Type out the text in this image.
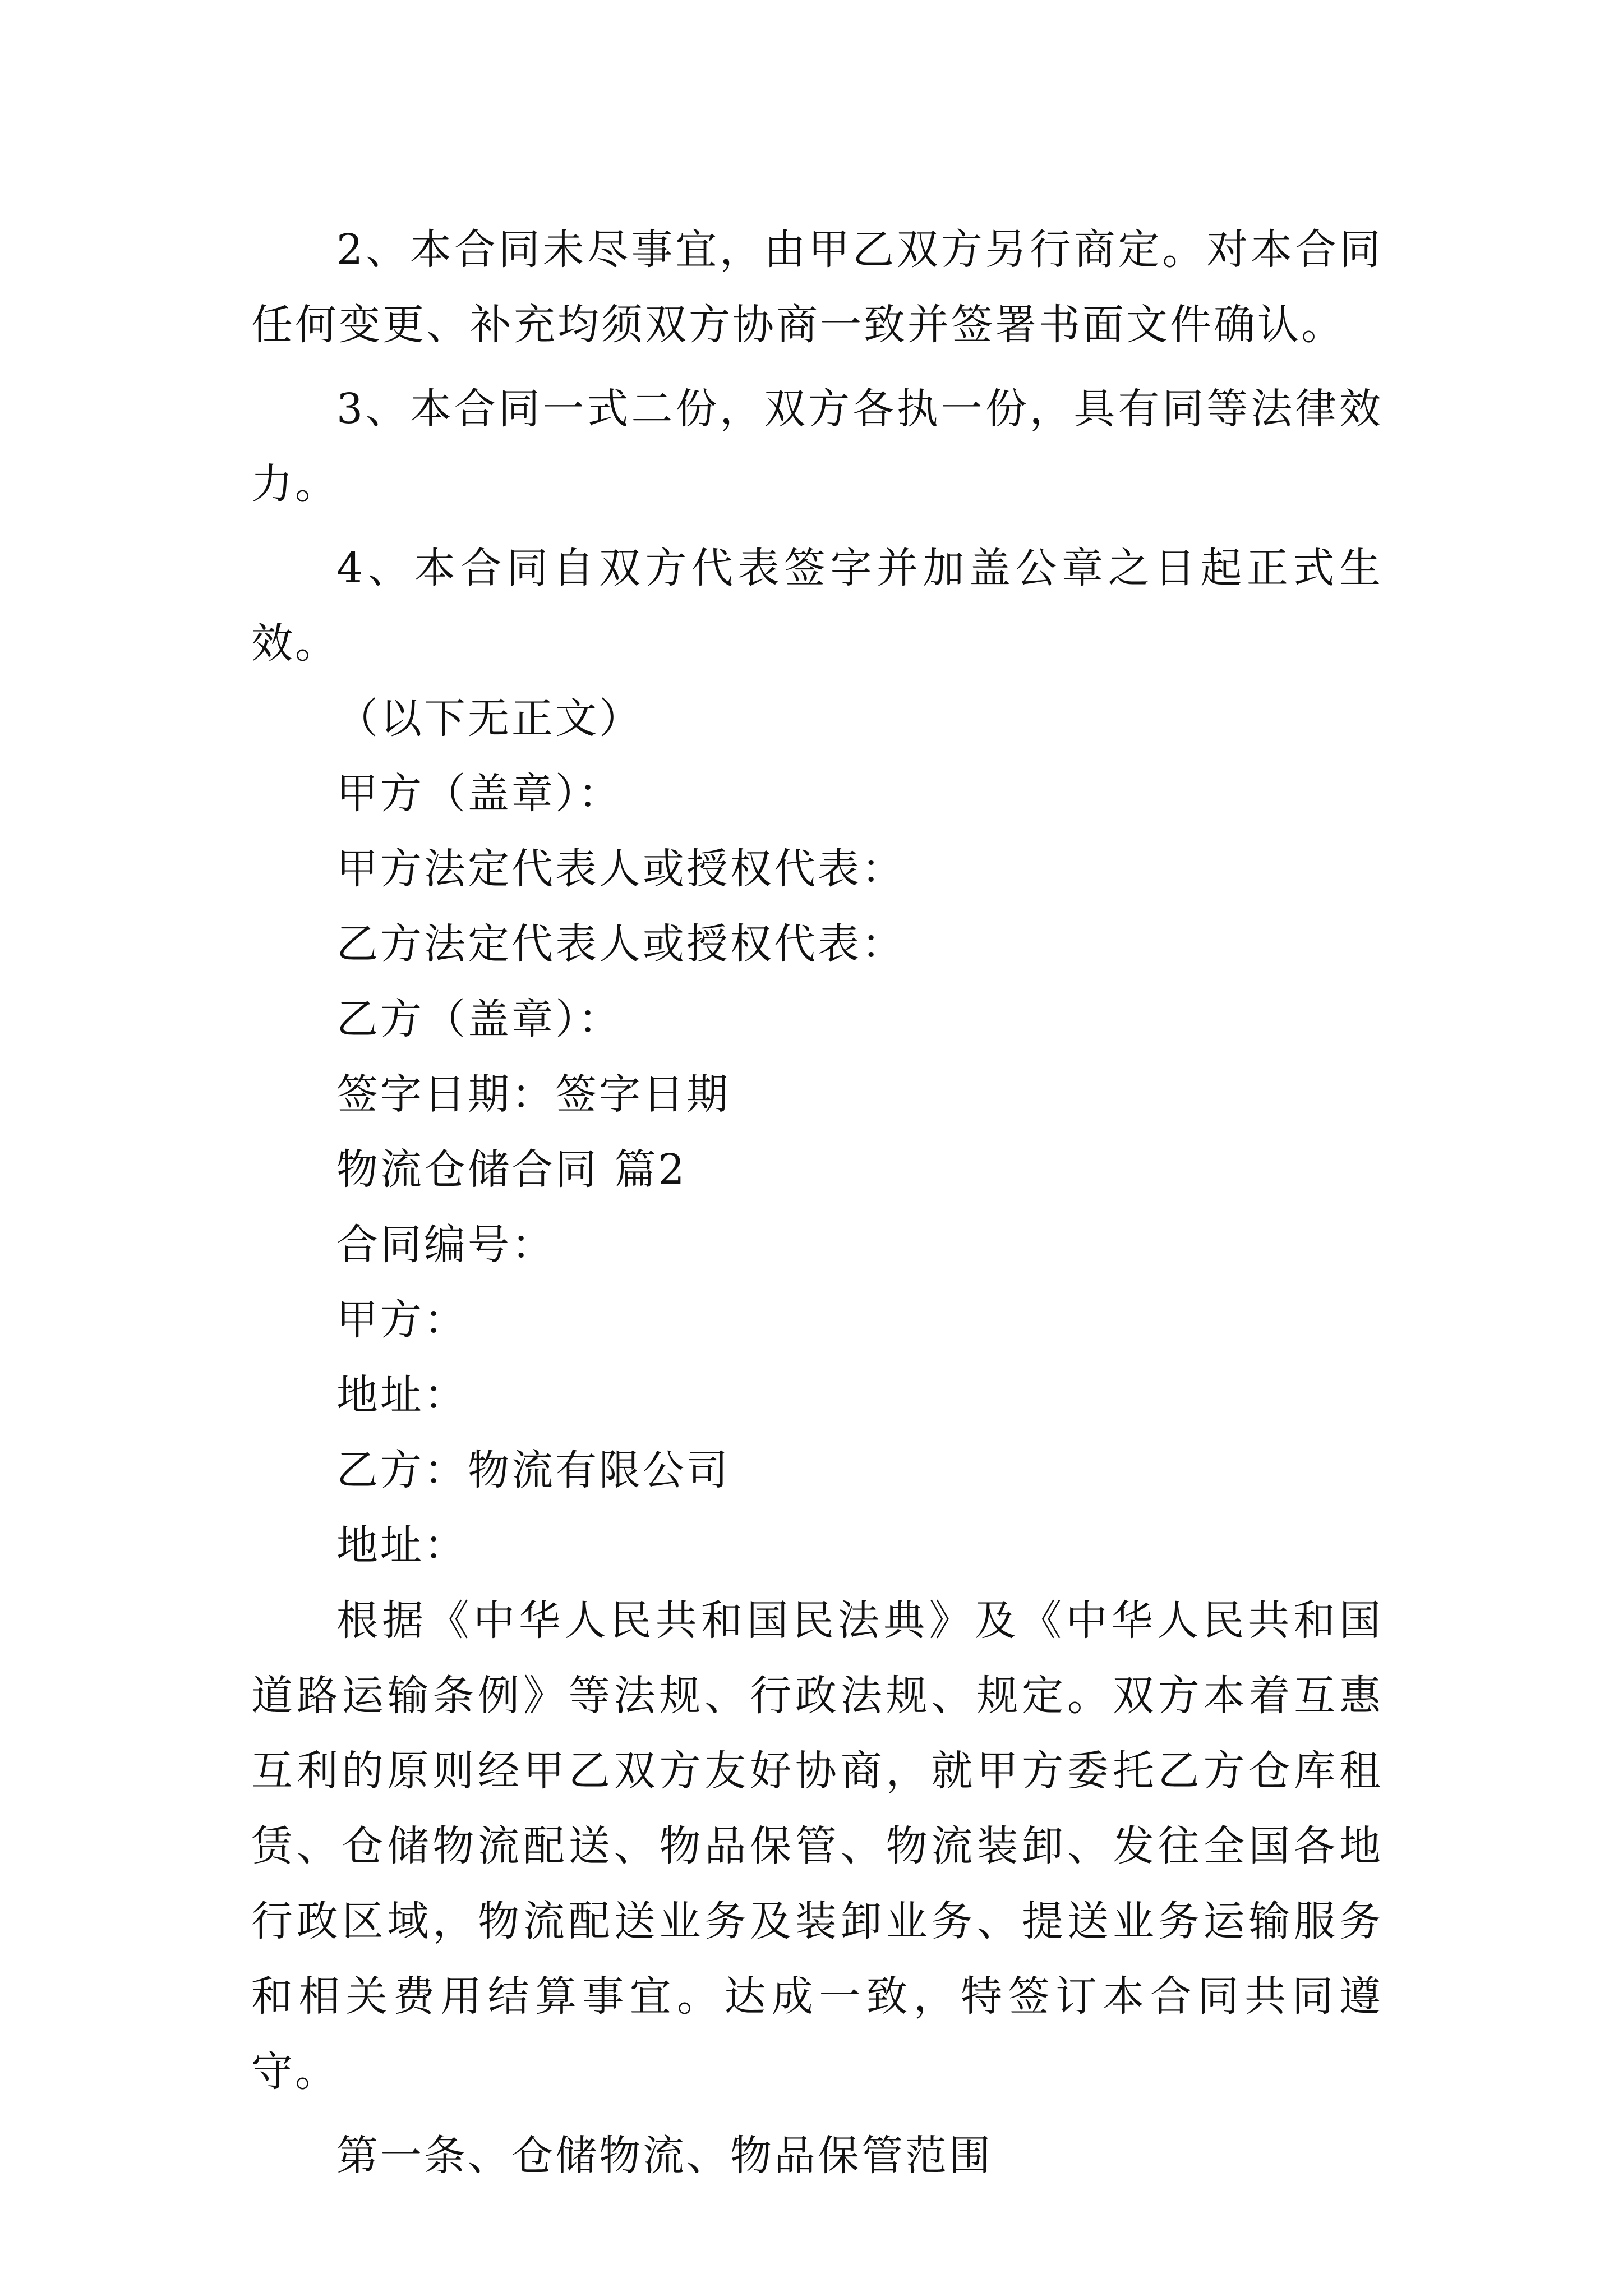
2、本合同未尽事宜，由甲乙双方另行商定。对本合同任何变更、补充均须双方协商一致并签署书面文件确认。

3、本合同一式二份，双方各执一份，具有同等法律效力。

4、本合同自双方代表签字并加盖公章之日起正式生效。

（以下无正文）

甲方（盖章）：

甲方法定代表人或授权代表：

乙方法定代表人或授权代表：

乙方（盖章）：

签字日期：签字日期

物流仓储合同 篇2

合同编号：

甲方：

地址：

乙方：物流有限公司

地址：

根据《中华人民共和国民法典》及《中华人民共和国道路运输条例》等法规、行政法规、规定。双方本着互惠互利的原则经甲乙双方友好协商，就甲方委托乙方仓库租赁、仓储物流配送、物品保管、物流装卸、发往全国各地行政区域，物流配送业务及装卸业务、提送业务运输服务和相关费用结算事宜。达成一致，特签订本合同共同遵守。

第一条、仓储物流、物品保管范围
